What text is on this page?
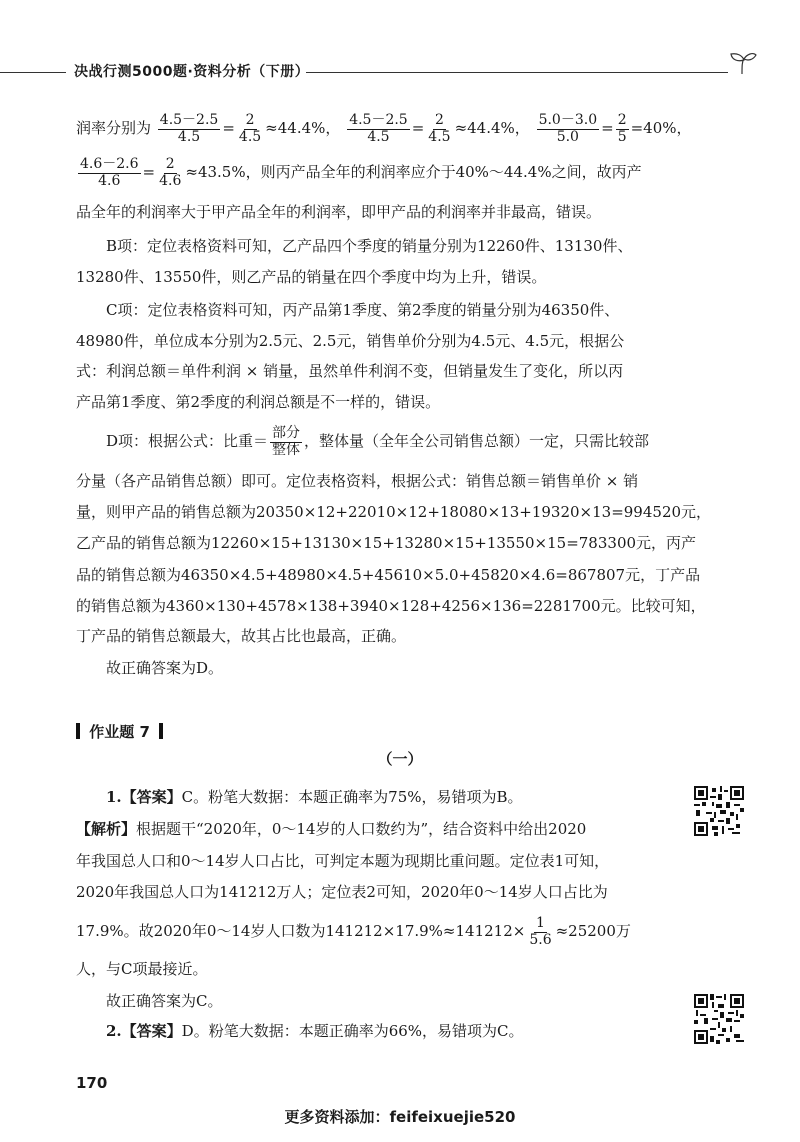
决战行测5000题·资料分析（下册）
润率分别为 $\frac{4.5-2.5}{4.5} = \frac{2}{4.5} \approx 44.4\%$， $\frac{4.5-2.5}{4.5} = \frac{2}{4.5} \approx 44.4\%$， $\frac{5.0-3.0}{5.0} = \frac{2}{5} =40\%$，
$\frac{4.6-2.6}{4.6} = \frac{2}{4.6} \approx 43.5\%$，则丙产品全年的利润率应介于40%～44.4%之间，故丙产
品全年的利润率大于甲产品全年的利润率，即甲产品的利润率并非最高，错误。
B项：定位表格资料可知，乙产品四个季度的销量分别为12260件、13130件、
13280件、13550件，则乙产品的销量在四个季度中均为上升，错误。
C项：定位表格资料可知，丙产品第1季度、第2季度的销量分别为46350件、
48980件，单位成本分别为2.5元、2.5元，销售单价分别为4.5元、4.5元，根据公
式：利润总额＝单件利润 × 销量，虽然单件利润不变，但销量发生了变化，所以丙
产品第1季度、第2季度的利润总额是不一样的，错误。
D项：根据公式：比重＝ $\frac{\text{部分}}{\text{整体}}$ ，整体量（全年全公司销售总额）一定，只需比较部
分量（各产品销售总额）即可。定位表格资料，根据公式：销售总额＝销售单价 × 销
量，则甲产品的销售总额为20350×12+22010×12+18080×13+19320×13=994520元，
乙产品的销售总额为12260×15+13130×15+13280×15+13550×15=783300元，丙产
品的销售总额为46350×4.5+48980×4.5+45610×5.0+45820×4.6=867807元，丁产品
的销售总额为4360×130+4578×138+3940×128+4256×136=2281700元。比较可知，
丁产品的销售总额最大，故其占比也最高，正确。
故正确答案为D。
作业题 7
（一）
1.【答案】C。粉笔大数据：本题正确率为75%，易错项为B。
【解析】根据题干“2020年，0～14岁的人口数约为”，结合资料中给出2020
年我国总人口和0～14岁人口占比，可判定本题为现期比重问题。定位表1可知，
2020年我国总人口为141212万人；定位表2可知，2020年0～14岁人口占比为
17.9%。故2020年0～14岁人口数为$141212\times 17.9\%\approx 141212\times \frac{1}{5.6} \approx 25200$万
人，与C项最接近。
故正确答案为C。
2.【答案】D。粉笔大数据：本题正确率为66%，易错项为C。
170
更多资料添加：feifeixuejie520
